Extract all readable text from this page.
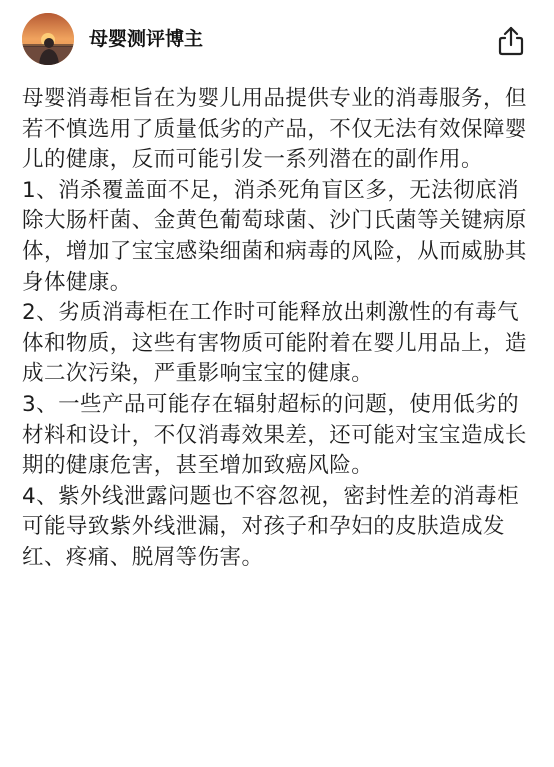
母婴测评博主

母婴消毒柜旨在为婴儿用品提供专业的消毒服务，但若不慎选用了质量低劣的产品，不仅无法有效保障婴儿的健康，反而可能引发一系列潜在的副作用。

1、消杀覆盖面不足，消杀死角盲区多，无法彻底消除大肠杆菌、金黄色葡萄球菌、沙门氏菌等关键病原体，增加了宝宝感染细菌和病毒的风险，从而威胁其身体健康。

2、劣质消毒柜在工作时可能释放出刺激性的有毒气体和物质，这些有害物质可能附着在婴儿用品上，造成二次污染，严重影响宝宝的健康。

3、一些产品可能存在辐射超标的问题，使用低劣的材料和设计，不仅消毒效果差，还可能对宝宝造成长期的健康危害，甚至增加致癌风险。

4、紫外线泄露问题也不容忽视，密封性差的消毒柜可能导致紫外线泄漏，对孩子和孕妇的皮肤造成发红、疼痛、脱屑等伤害。
